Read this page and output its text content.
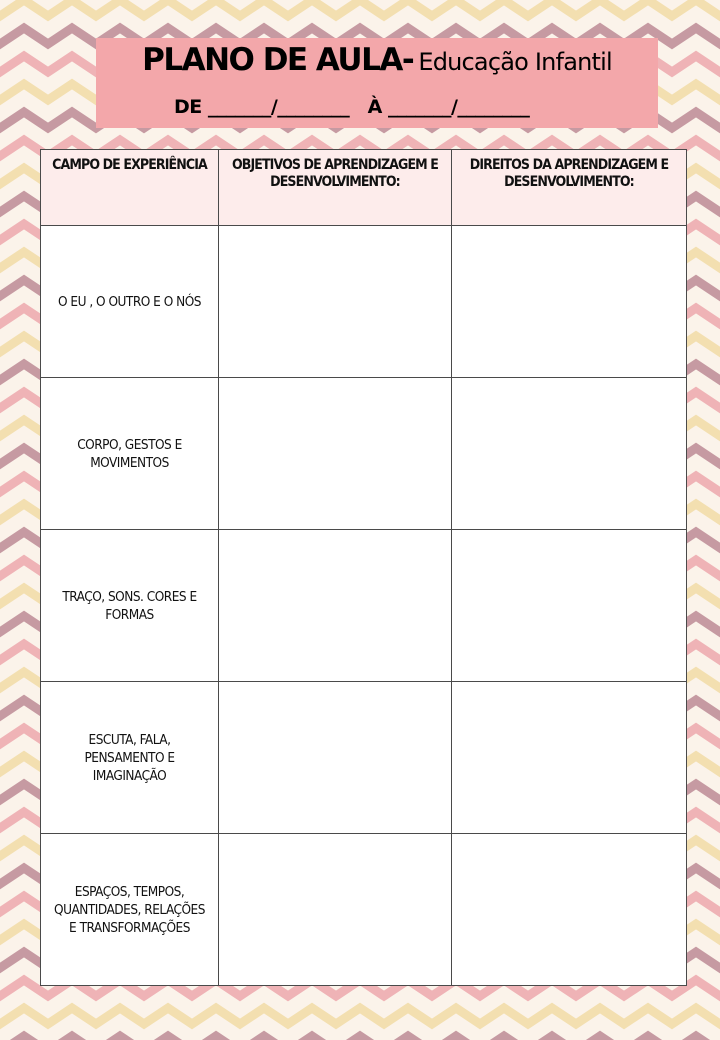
PLANO DE AULA- Educação Infantil
DE _______/________   À _______/________
CAMPO DE EXPERIÊNCIA	OBJETIVOS DE APRENDIZAGEM E DESENVOLVIMENTO:	DIREITOS DA APRENDIZAGEM E DESENVOLVIMENTO:

O EU , O OUTRO E O NÓS		
CORPO, GESTOS E MOVIMENTOS		
TRAÇO, SONS. CORES E FORMAS		
ESCUTA, FALA, PENSAMENTO E IMAGINAÇÃO		
ESPAÇOS, TEMPOS, QUANTIDADES, RELAÇÕES E TRANSFORMAÇÕES		
